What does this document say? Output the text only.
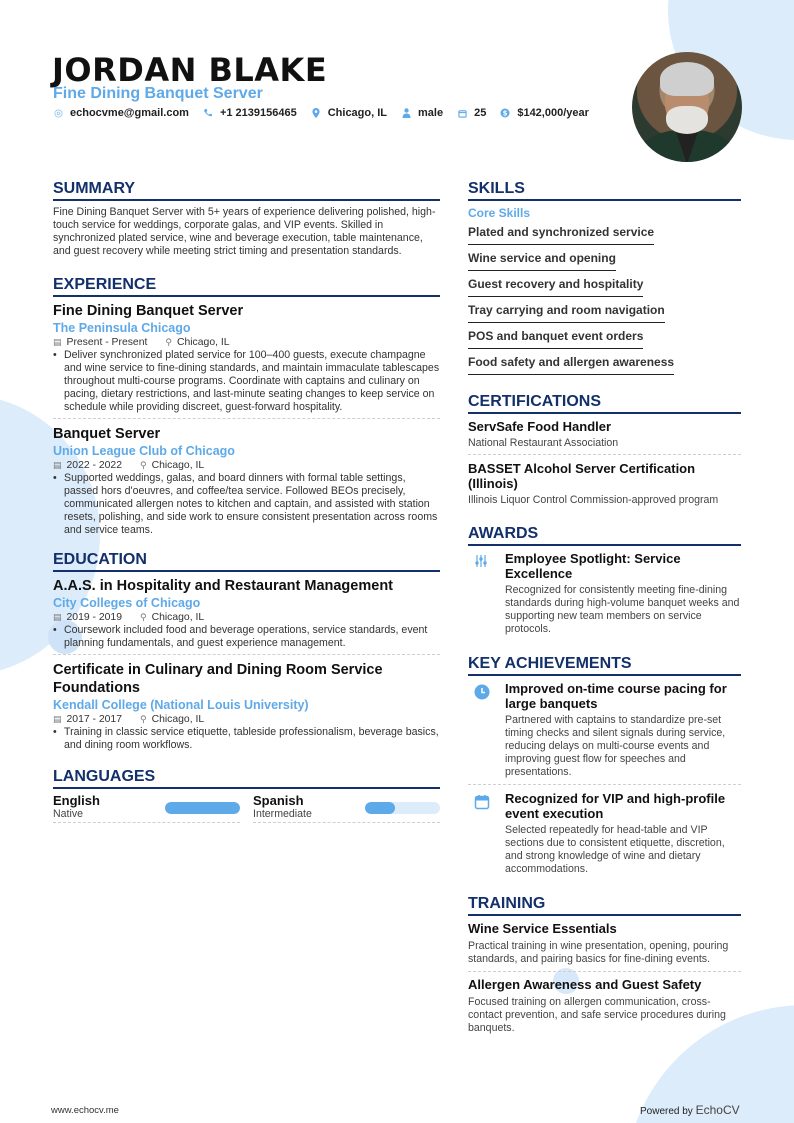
JORDAN BLAKE
Fine Dining Banquet Server
echocvme@gmail.com	+1 2139156465	Chicago, IL	male	25 $ $142,000/year
SUMMARY

Fine Dining Banquet Server with 5+ years of experience delivering polished, high-touch service for weddings, corporate galas, and VIP events. Skilled in synchronized plated service, wine and beverage execution, table maintenance, and guest recovery while meeting strict timing and presentation standards.

EXPERIENCE
Fine Dining Banquet Server
The Peninsula Chicago
▤ Present - Present ⚲ Chicago, IL
• Deliver synchronized plated service for 100–400 guests, execute champagne and wine service to fine-dining standards, and maintain immaculate tablescapes throughout multi-course programs. Coordinate with captains and culinary on pacing, dietary restrictions, and last-minute seating changes to keep service on schedule while providing discreet, guest-forward hospitality.
Banquet Server
Union League Club of Chicago
▤ 2022 - 2022 ⚲ Chicago, IL
• Supported weddings, galas, and board dinners with formal table settings, passed hors d'oeuvres, and coffee/tea service. Followed BEOs precisely, communicated allergen notes to kitchen and captain, and assisted with station resets, polishing, and side work to ensure consistent presentation across rooms and service teams.
EDUCATION
A.A.S. in Hospitality and Restaurant Management
City Colleges of Chicago
▤ 2019 - 2019 ⚲ Chicago, IL
• Coursework included food and beverage operations, service standards, event planning fundamentals, and guest experience management.
Certificate in Culinary and Dining Room Service Foundations
Kendall College (National Louis University)
▤ 2017 - 2017 ⚲ Chicago, IL
• Training in classic service etiquette, tableside professionalism, beverage basics, and dining room workflows.
LANGUAGES
English
Native
Spanish
Intermediate
SKILLS
Core Skills
Plated and synchronized service
Wine service and opening
Guest recovery and hospitality
Tray carrying and room navigation
POS and banquet event orders
Food safety and allergen awareness
CERTIFICATIONS
ServSafe Food Handler
National Restaurant Association
BASSET Alcohol Server Certification (Illinois)
Illinois Liquor Control Commission-approved program
AWARDS
Employee Spotlight: Service Excellence
Recognized for consistently meeting fine-dining standards during high-volume banquet weeks and supporting new team members on service protocols.
KEY ACHIEVEMENTS
Improved on-time course pacing for large banquets
Partnered with captains to standardize pre-set timing checks and silent signals during service, reducing delays on multi-course events and improving guest flow for speeches and presentations.
Recognized for VIP and high-profile event execution
Selected repeatedly for head-table and VIP sections due to consistent etiquette, discretion, and strong knowledge of wine and dietary accommodations.
TRAINING
Wine Service Essentials
Practical training in wine presentation, opening, pouring standards, and pairing basics for fine-dining events.
Allergen Awareness and Guest Safety
Focused training on allergen communication, cross-contact prevention, and safe service procedures during banquets.
www.echocv.me	Powered by EchoCV
